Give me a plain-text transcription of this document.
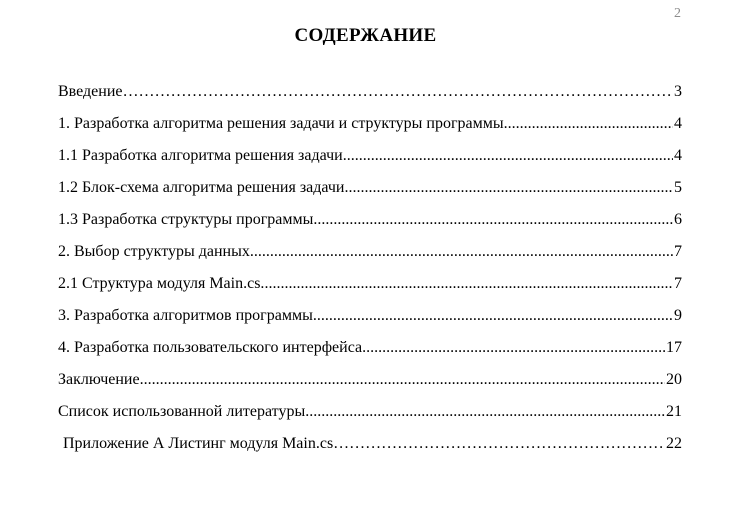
2
СОДЕРЖАНИЕ
Введение ……………………………………………………………………………………………………………………………………………………………………………………………………………………………………………………………………………………………………………………………………………………………………………………………………………………………………………………………………………………………………………………………………………………	3
1. Разработка алгоритма решения задачи и структуры программы .....	4
1.1 Разработка алгоритма решения задачи .....	4
1.2 Блок-схема алгоритма решения задачи .....	5
1.3 Разработка структуры программы .....	6
2. Выбор структуры данных .....	7
2.1 Структура модуля Main.cs. .....	7
3. Разработка алгоритмов программы. .....	9
4. Разработка пользовательского интерфейса. .....	17
Заключение .....	20
Список использованной литературы .....	21
Приложение А Листинг модуля Main.cs ……………………………………………………………………………………………………………………………………………………………………………………………………………………………………………………………………………………………………………………………………………………………………………………………………………………………………………………………………………………………………………………………………………………	22
